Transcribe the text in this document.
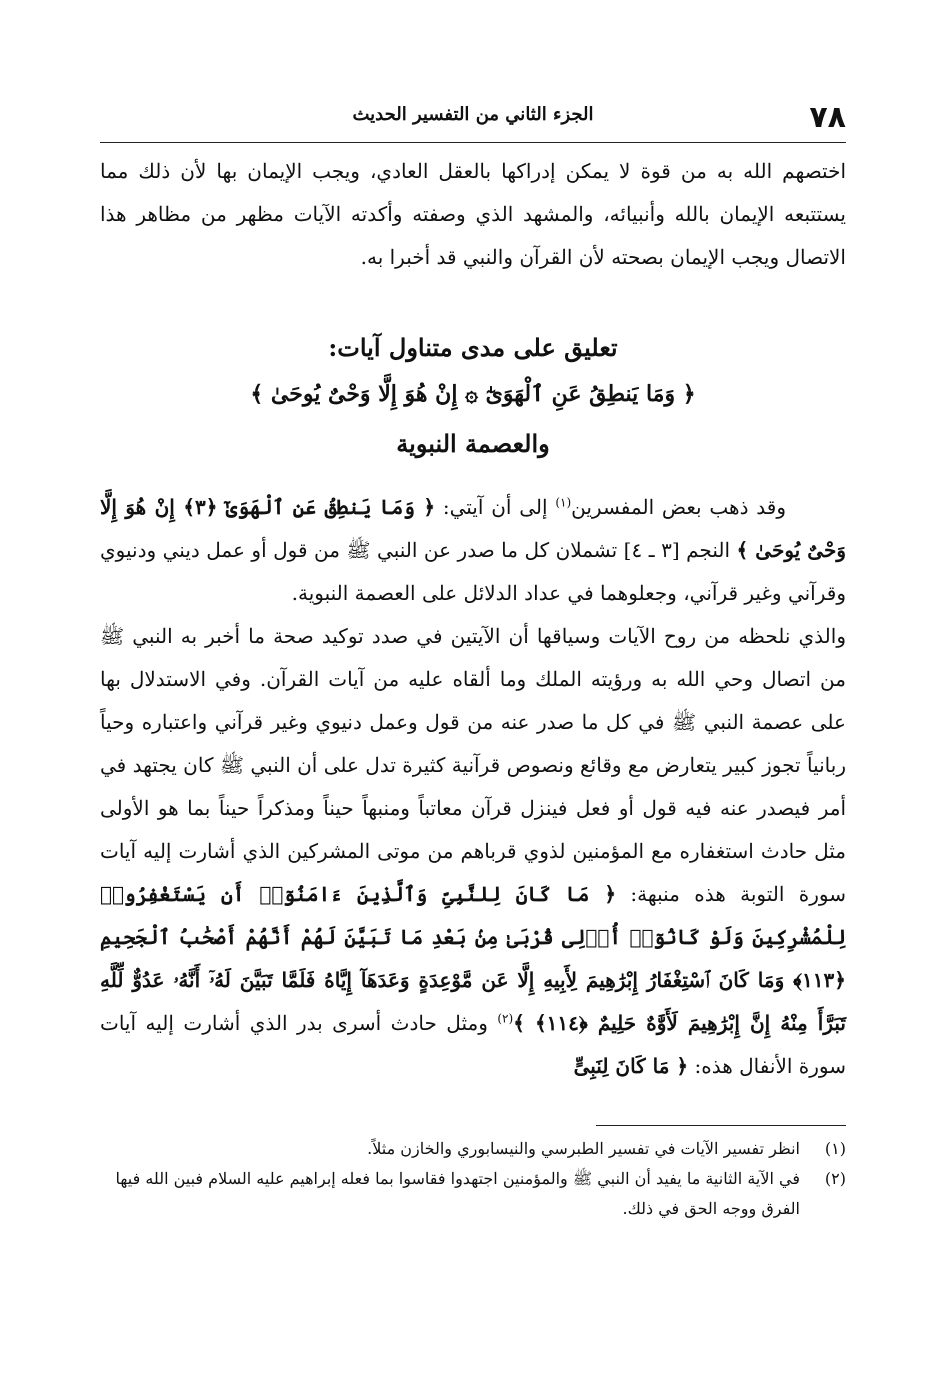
٧٨
الجزء الثاني من التفسير الحديث
اختصهم الله به من قوة لا يمكن إدراكها بالعقل العادي، ويجب الإيمان بها لأن ذلك مما يستتبعه الإيمان بالله وأنبيائه، والمشهد الذي وصفته وأكدته الآيات مظهر من مظاهر هذا الاتصال ويجب الإيمان بصحته لأن القرآن والنبي قد أخبرا به.
تعليق على مدى متناول آيات:
﴿ وَمَا يَنطِقُ عَنِ ٱلْهَوَىٰٓ ۞ إِنْ هُوَ إِلَّا وَحْىٌ يُوحَىٰ ﴾
والعصمة النبوية

وقد ذهب بعض المفسرين$^{(١)}$ إلى أن آيتي: ﴿ وَمَا يَنطِقُ عَنِ ٱلْهَوَىٰٓ ﴿٣﴾ إِنْ هُوَ إِلَّا وَحْىٌ يُوحَىٰ ﴾ النجم [٣ ـ ٤] تشملان كل ما صدر عن النبي ﷺ من قول أو عمل ديني ودنيوي وقرآني وغير قرآني، وجعلوهما في عداد الدلائل على العصمة النبوية.

والذي نلحظه من روح الآيات وسياقها أن الآيتين في صدد توكيد صحة ما أخبر به النبي ﷺ من اتصال وحي الله به ورؤيته الملك وما ألقاه عليه من آيات القرآن. وفي الاستدلال بها على عصمة النبي ﷺ في كل ما صدر عنه من قول وعمل دنيوي وغير قرآني واعتباره وحياً ربانياً تجوز كبير يتعارض مع وقائع ونصوص قرآنية كثيرة تدل على أن النبي ﷺ كان يجتهد في أمر فيصدر عنه فيه قول أو فعل فينزل قرآن معاتباً ومنبهاً حيناً ومذكراً حيناً بما هو الأولى مثل حادث استغفاره مع المؤمنين لذوي قرباهم من موتى المشركين الذي أشارت إليه آيات سورة التوبة هذه منبهة: ﴿ مَا كَانَ لِلنَّبِىِّ وَٱلَّذِينَ ءَامَنُوٓا۟ أَن يَسْتَغْفِرُوا۟ لِلْمُشْرِكِينَ وَلَوْ كَانُوٓا۟ أُو۟لِى قُرْبَىٰ مِنۢ بَعْدِ مَا تَبَيَّنَ لَهُمْ أَنَّهُمْ أَصْحَٰبُ ٱلْجَحِيمِ ﴿١١٣﴾ وَمَا كَانَ ٱسْتِغْفَارُ إِبْرَٰهِيمَ لِأَبِيهِ إِلَّا عَن مَّوْعِدَةٍ وَعَدَهَآ إِيَّاهُ فَلَمَّا تَبَيَّنَ لَهُۥٓ أَنَّهُۥ عَدُوٌّ لِّلَّهِ تَبَرَّأَ مِنْهُ إِنَّ إِبْرَٰهِيمَ لَأَوَّٰهٌ حَلِيمٌ ﴿١١٤﴾ ﴾$^{(٢)}$ ومثل حادث أسرى بدر الذي أشارت إليه آيات سورة الأنفال هذه: ﴿ مَا كَانَ لِنَبِىٍّ

(١)
انظر تفسير الآيات في تفسير الطبرسي والنيسابوري والخازن مثلاً.
(٢)
في الآية الثانية ما يفيد أن النبي ﷺ والمؤمنين اجتهدوا فقاسوا بما فعله إبراهيم عليه السلام فبين الله فيها الفرق ووجه الحق في ذلك.
